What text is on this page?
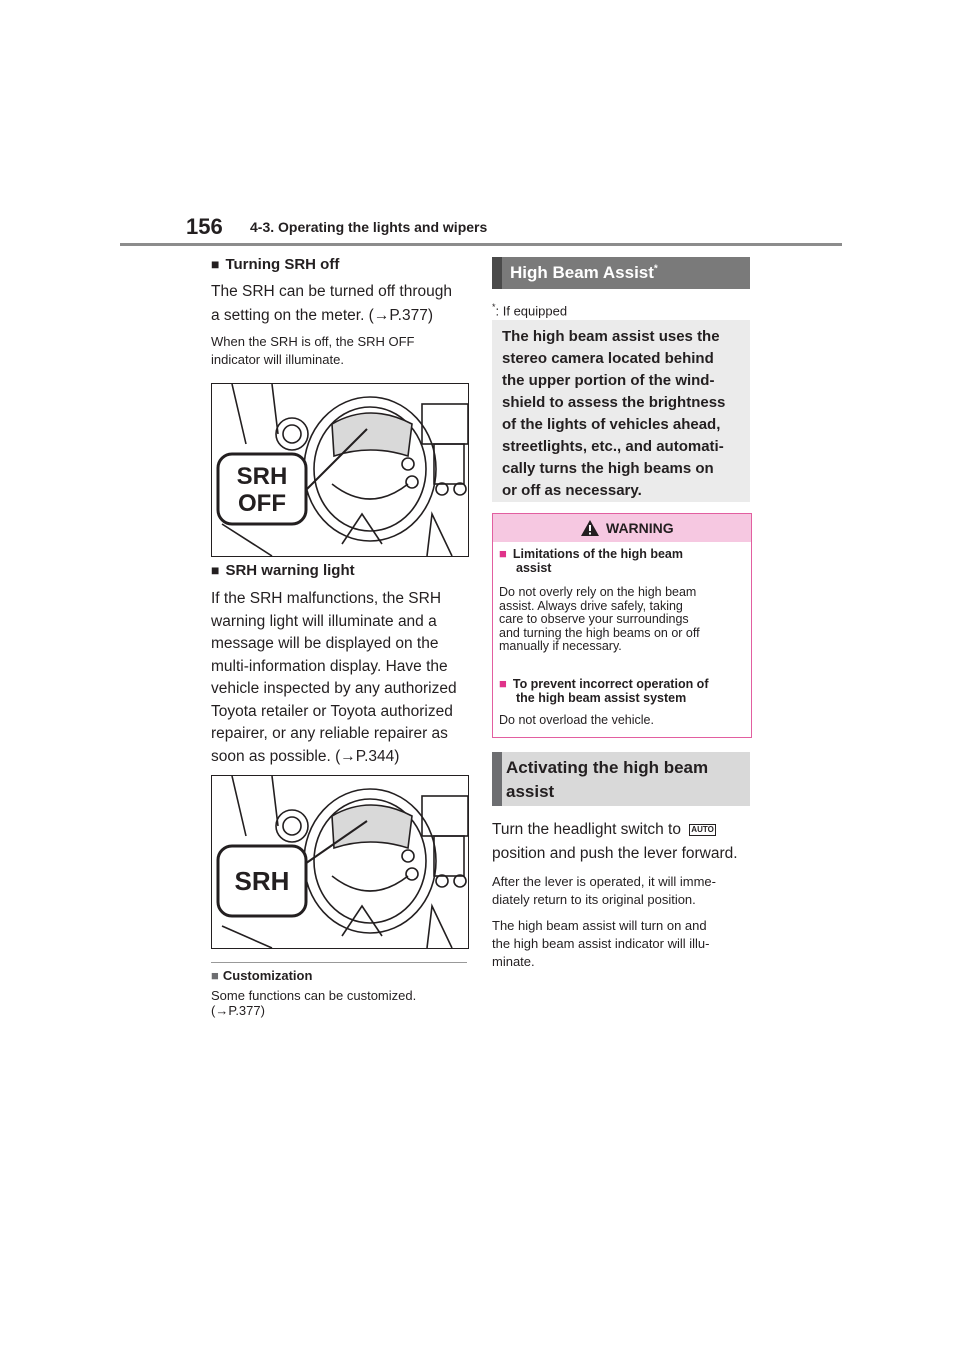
156 4-3. Operating the lights and wipers
■ Turning SRH off
The SRH can be turned off through
a setting on the meter. (→P.377)
When the SRH is off, the SRH OFF
indicator will illuminate.
SRH
OFF
■ SRH warning light
If the SRH malfunctions, the SRH
warning light will illuminate and a
message will be displayed on the
multi-information display. Have the
vehicle inspected by any authorized
Toyota retailer or Toyota authorized
repairer, or any reliable repairer as
soon as possible. (→P.344)
SRH
■ Customization
Some functions can be customized.
(→P.377)
High Beam Assist*
*: If equipped
The high beam assist uses the
stereo camera located behind
the upper portion of the wind-
shield to assess the brightness
of the lights of vehicles ahead,
streetlights, etc., and automati-
cally turns the high beams on
or off as necessary.
WARNING
■ Limitations of the high beam
assist
Do not overly rely on the high beam
assist. Always drive safely, taking
care to observe your surroundings
and turning the high beams on or off
manually if necessary.
■ To prevent incorrect operation of
the high beam assist system
Do not overload the vehicle.
Activating the high beam
assist
Turn the headlight switch to AUTO
position and push the lever forward.
After the lever is operated, it will imme-
diately return to its original position.
The high beam assist will turn on and
the high beam assist indicator will illu-
minate.
